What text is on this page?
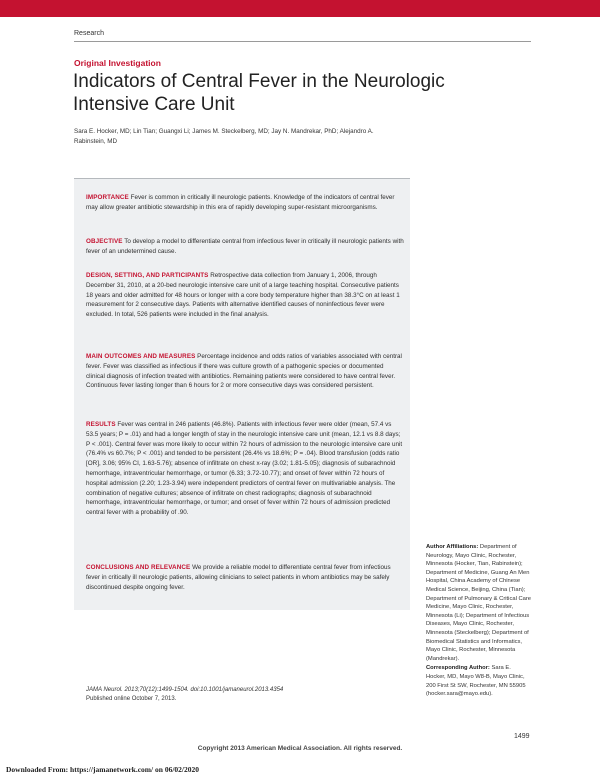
Research
Original Investigation
Indicators of Central Fever in the Neurologic Intensive Care Unit
Sara E. Hocker, MD; Lin Tian; Guangxi Li; James M. Steckelberg, MD; Jay N. Mandrekar, PhD; Alejandro A. Rabinstein, MD

IMPORTANCE Fever is common in critically ill neurologic patients. Knowledge of the indicators of central fever may allow greater antibiotic stewardship in this era of rapidly developing super-resistant microorganisms.

OBJECTIVE To develop a model to differentiate central from infectious fever in critically ill neurologic patients with fever of an undetermined cause.

DESIGN, SETTING, AND PARTICIPANTS Retrospective data collection from January 1, 2006, through December 31, 2010, at a 20-bed neurologic intensive care unit of a large teaching hospital. Consecutive patients 18 years and older admitted for 48 hours or longer with a core body temperature higher than 38.3°C on at least 1 measurement for 2 consecutive days. Patients with alternative identified causes of noninfectious fever were excluded. In total, 526 patients were included in the final analysis.

MAIN OUTCOMES AND MEASURES Percentage incidence and odds ratios of variables associated with central fever. Fever was classified as infectious if there was culture growth of a pathogenic species or documented clinical diagnosis of infection treated with antibiotics. Remaining patients were considered to have central fever. Continuous fever lasting longer than 6 hours for 2 or more consecutive days was considered persistent.

RESULTS Fever was central in 246 patients (46.8%). Patients with infectious fever were older (mean, 57.4 vs 53.5 years; P = .01) and had a longer length of stay in the neurologic intensive care unit (mean, 12.1 vs 8.8 days; P < .001). Central fever was more likely to occur within 72 hours of admission to the neurologic intensive care unit (76.4% vs 60.7%; P < .001) and tended to be persistent (26.4% vs 18.6%; P = .04). Blood transfusion (odds ratio [OR], 3.06; 95% CI, 1.63-5.76); absence of infiltrate on chest x-ray (3.02; 1.81-5.05); diagnosis of subarachnoid hemorrhage, intraventricular hemorrhage, or tumor (6.33; 3.72-10.77); and onset of fever within 72 hours of hospital admission (2.20; 1.23-3.94) were independent predictors of central fever on multivariable analysis. The combination of negative cultures; absence of infiltrate on chest radiographs; diagnosis of subarachnoid hemorrhage, intraventricular hemorrhage, or tumor; and onset of fever within 72 hours of admission predicted central fever with a probability of .90.

CONCLUSIONS AND RELEVANCE We provide a reliable model to differentiate central fever from infectious fever in critically ill neurologic patients, allowing clinicians to select patients in whom antibiotics may be safely discontinued despite ongoing fever.

JAMA Neurol. 2013;70(12):1499-1504. doi:10.1001/jamaneurol.2013.4354
Published online October 7, 2013.

Author Affiliations: Department of Neurology, Mayo Clinic, Rochester, Minnesota (Hocker, Tian, Rabinstein); Department of Medicine, Guang An Men Hospital, China Academy of Chinese Medical Science, Beijing, China (Tian); Department of Pulmonary & Critical Care Medicine, Mayo Clinic, Rochester, Minnesota (Li); Department of Infectious Diseases, Mayo Clinic, Rochester, Minnesota (Steckelberg); Department of Biomedical Statistics and Informatics, Mayo Clinic, Rochester, Minnesota (Mandrekar).

Corresponding Author: Sara E. Hocker, MD, Mayo W8-B, Mayo Clinic, 200 First St SW, Rochester, MN 55905 (hocker.sara@mayo.edu).

1499
Copyright 2013 American Medical Association. All rights reserved.
Downloaded From: https://jamanetwork.com/ on 06/02/2020
